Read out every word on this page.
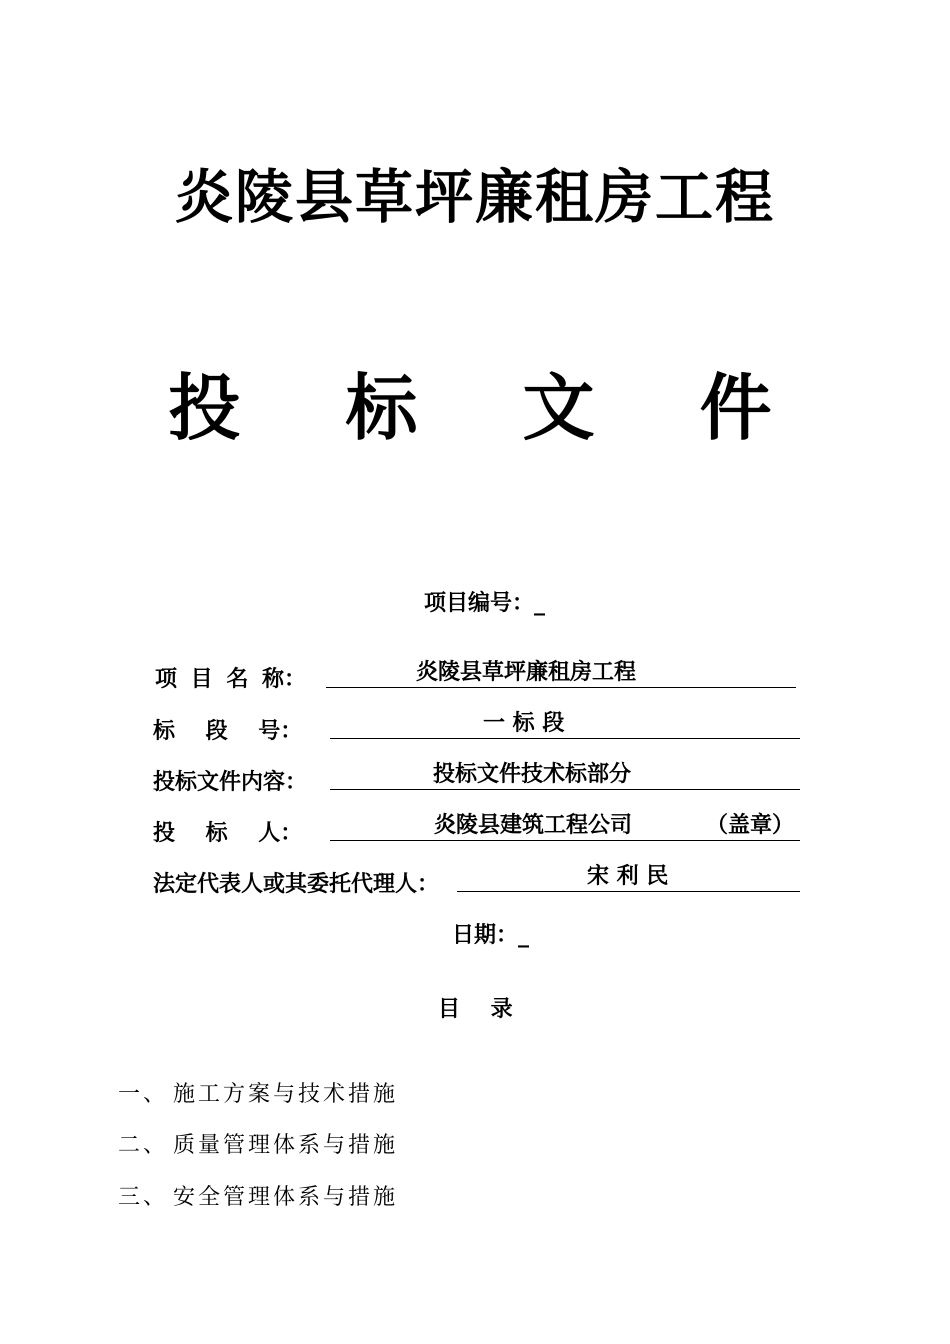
炎陵县草坪廉租房工程
投 标 文 件
项目编号：_
项 目 名 称：	炎陵县草坪廉租房工程
标    段    号：	一 标 段
投标文件内容：	投标文件技术标部分
投    标    人：	炎陵县建筑工程公司	（盖章）
法定代表人或其委托代理人：	宋 利 民
日期：_
目    录
一、 施工方案与技术措施
二、 质量管理体系与措施
三、 安全管理体系与措施
